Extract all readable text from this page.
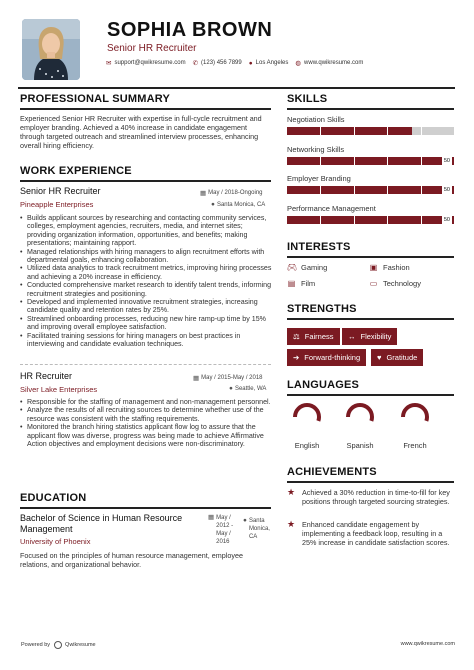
SOPHIA BROWN
Senior HR Recruiter
✉ support@qwikresume.com ✆ (123) 456 7899 ● Los Angeles ◍ www.qwikresume.com
PROFESSIONAL SUMMARY
Experienced Senior HR Recruiter with expertise in full-cycle recruitment and employer branding. Achieved a 40% increase in candidate engagement through targeted outreach and streamlined interview processes, enhancing overall hiring efficiency.
WORK EXPERIENCE
Senior HR Recruiter	▦ May / 2018-Ongoing
Pineapple Enterprises	● Santa Monica, CA
• Builds applicant sources by researching and contacting community services, colleges, employment agencies, recruiters, media, and internet sites; providing organization information, opportunities, and benefits; making presentations; maintaining rapport.
• Managed relationships with hiring managers to align recruitment efforts with departmental goals, enhancing collaboration.
• Utilized data analytics to track recruitment metrics, improving hiring processes and achieving a 20% increase in efficiency.
• Conducted comprehensive market research to identify talent trends, informing recruitment strategies and positioning.
• Developed and implemented innovative recruitment strategies, increasing candidate quality and retention rates by 25%.
• Streamlined onboarding processes, reducing new hire ramp-up time by 15% and improving overall employee satisfaction.
• Facilitated training sessions for hiring managers on best practices in interviewing and candidate evaluation techniques.
HR Recruiter	▦ May / 2015-May / 2018
Silver Lake Enterprises	● Seattle, WA
• Responsible for the staffing of management and non-management personnel.
• Analyze the results of all recruiting sources to determine whether use of the resource was consistent with the staffing requirements.
• Monitored the branch hiring statistics applicant flow log to assure that the applicant flow was diverse, progress was being made to achieve Affirmative Action objectives and employment decisions were non-discriminatory.
EDUCATION
Bachelor of Science in Human Resource Management
▦ May / 2012 - May / 2016
● Santa Monica, CA
University of Phoenix
Focused on the principles of human resource management, employee relations, and organizational behavior.
SKILLS
Negotiation Skills
Networking Skills
50
Employer Branding
50
Performance Management
50
INTERESTS
🎮︎ Gaming	▣ Fashion
▤ Film	▭ Technology
STRENGTHS
⚖ Fairness ↔ Flexibility
➔ Forward-thinking ♥ Gratitude
LANGUAGES
English	Spanish	French
ACHIEVEMENTS
★ Achieved a 30% reduction in time-to-fill for key positions through targeted sourcing strategies.
★ Enhanced candidate engagement by implementing a feedback loop, resulting in a 25% increase in candidate satisfaction scores.
Powered by	Qwikresume	www.qwikresume.com
